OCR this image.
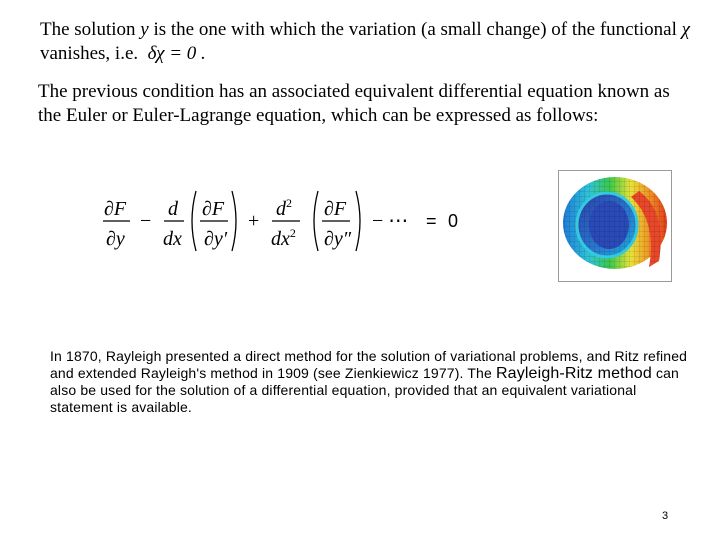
The solution y is the one with which the variation (a small change) of the functional χ
vanishes, i.e. δχ = 0 .
The previous condition has an associated equivalent differential equation known as the Euler or Euler-Lagrange equation, which can be expressed as follows:
∂F
∂y
−
d
dx
∂F
∂y′
+
$d^2$
$dx^2$
∂F
∂y″
− ⋯ = 0
In 1870, Rayleigh presented a direct method for the solution of variational problems, and Ritz refined and extended Rayleigh's method in 1909 (see Zienkiewicz 1977). The Rayleigh-Ritz method can also be used for the solution of a differential equation, provided that an equivalent variational statement is available.
3
